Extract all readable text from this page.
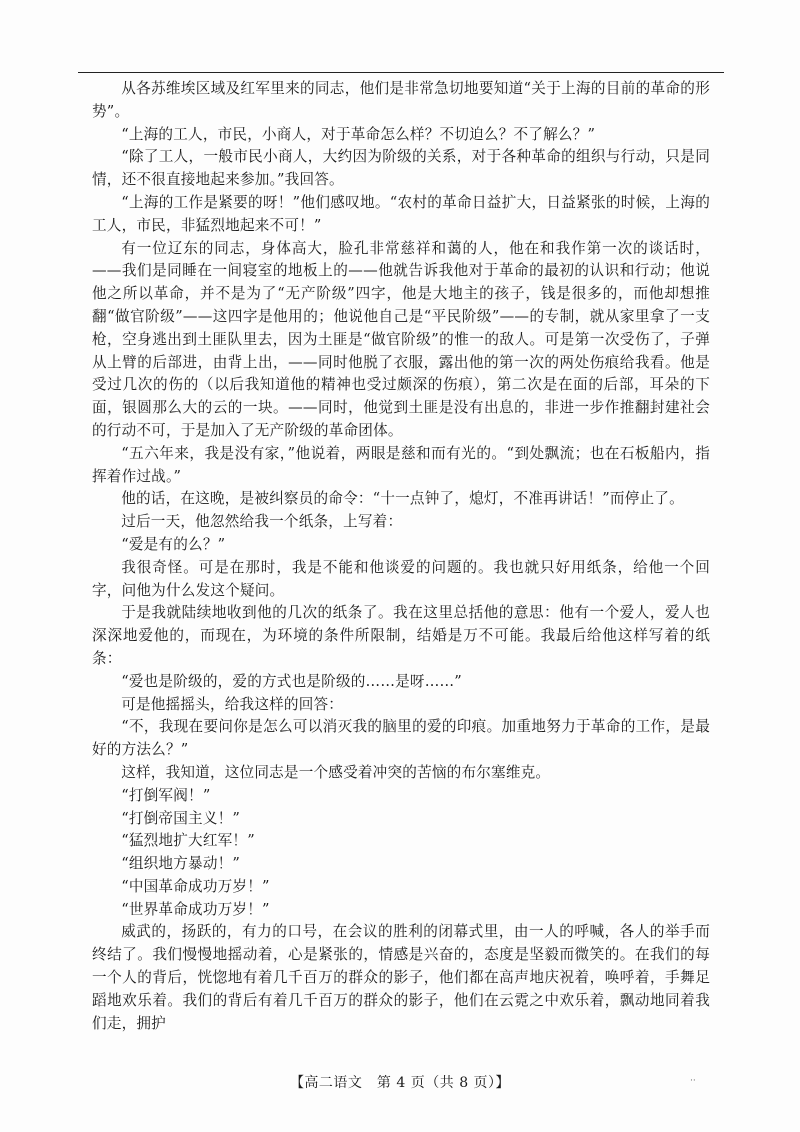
从各苏维埃区域及红军里来的同志，他们是非常急切地要知道“关于上海的目前的革命的形势”。

“上海的工人，市民，小商人，对于革命怎么样？不切迫么？不了解么？”

“除了工人，一般市民小商人，大约因为阶级的关系，对于各种革命的组织与行动，只是同情，还不很直接地起来参加。”我回答。

“上海的工作是紧要的呀！”他们感叹地。“农村的革命日益扩大，日益紧张的时候，上海的工人，市民，非猛烈地起来不可！”

有一位辽东的同志，身体高大，脸孔非常慈祥和蔼的人，他在和我作第一次的谈话时，——我们是同睡在一间寝室的地板上的——他就告诉我他对于革命的最初的认识和行动；他说他之所以革命，并不是为了“无产阶级”四字，他是大地主的孩子，钱是很多的，而他却想推翻“做官阶级”——这四字是他用的；他说他自己是“平民阶级”——的专制，就从家里拿了一支枪，空身逃出到土匪队里去，因为土匪是“做官阶级”的惟一的敌人。可是第一次受伤了，子弹从上臂的后部进，由背上出，——同时他脱了衣服，露出他的第一次的两处伤痕给我看。他是受过几次的伤的（以后我知道他的精神也受过颇深的伤痕），第二次是在面的后部，耳朵的下面，银圆那么大的云的一块。——同时，他觉到土匪是没有出息的，非进一步作推翻封建社会的行动不可，于是加入了无产阶级的革命团体。

“五六年来，我是没有家，”他说着，两眼是慈和而有光的。“到处飘流；也在石板船内，指挥着作过战。”

他的话，在这晚，是被纠察员的命令：“十一点钟了，熄灯，不准再讲话！”而停止了。

过后一天，他忽然给我一个纸条，上写着：

“爱是有的么？”

我很奇怪。可是在那时，我是不能和他谈爱的问题的。我也就只好用纸条，给他一个回字，问他为什么发这个疑问。

于是我就陆续地收到他的几次的纸条了。我在这里总括他的意思：他有一个爱人，爱人也深深地爱他的，而现在，为环境的条件所限制，结婚是万不可能。我最后给他这样写着的纸条：

“爱也是阶级的，爱的方式也是阶级的……是呀……”

可是他摇摇头，给我这样的回答：

“不，我现在要问你是怎么可以消灭我的脑里的爱的印痕。加重地努力于革命的工作，是最好的方法么？”

这样，我知道，这位同志是一个感受着冲突的苦恼的布尔塞维克。

“打倒军阀！”

“打倒帝国主义！”

“猛烈地扩大红军！”

“组织地方暴动！”

“中国革命成功万岁！”

“世界革命成功万岁！”

威武的，扬跃的，有力的口号，在会议的胜利的闭幕式里，由一人的呼喊，各人的举手而终结了。我们慢慢地摇动着，心是紧张的，情感是兴奋的，态度是坚毅而微笑的。在我们的每一个人的背后，恍惚地有着几千百万的群众的影子，他们都在高声地庆祝着，唤呼着，手舞足蹈地欢乐着。我们的背后有着几千百万的群众的影子，他们在云霓之中欢乐着，飘动地同着我们走，拥护

【高二语文　第 4 页（共 8 页）】	··
